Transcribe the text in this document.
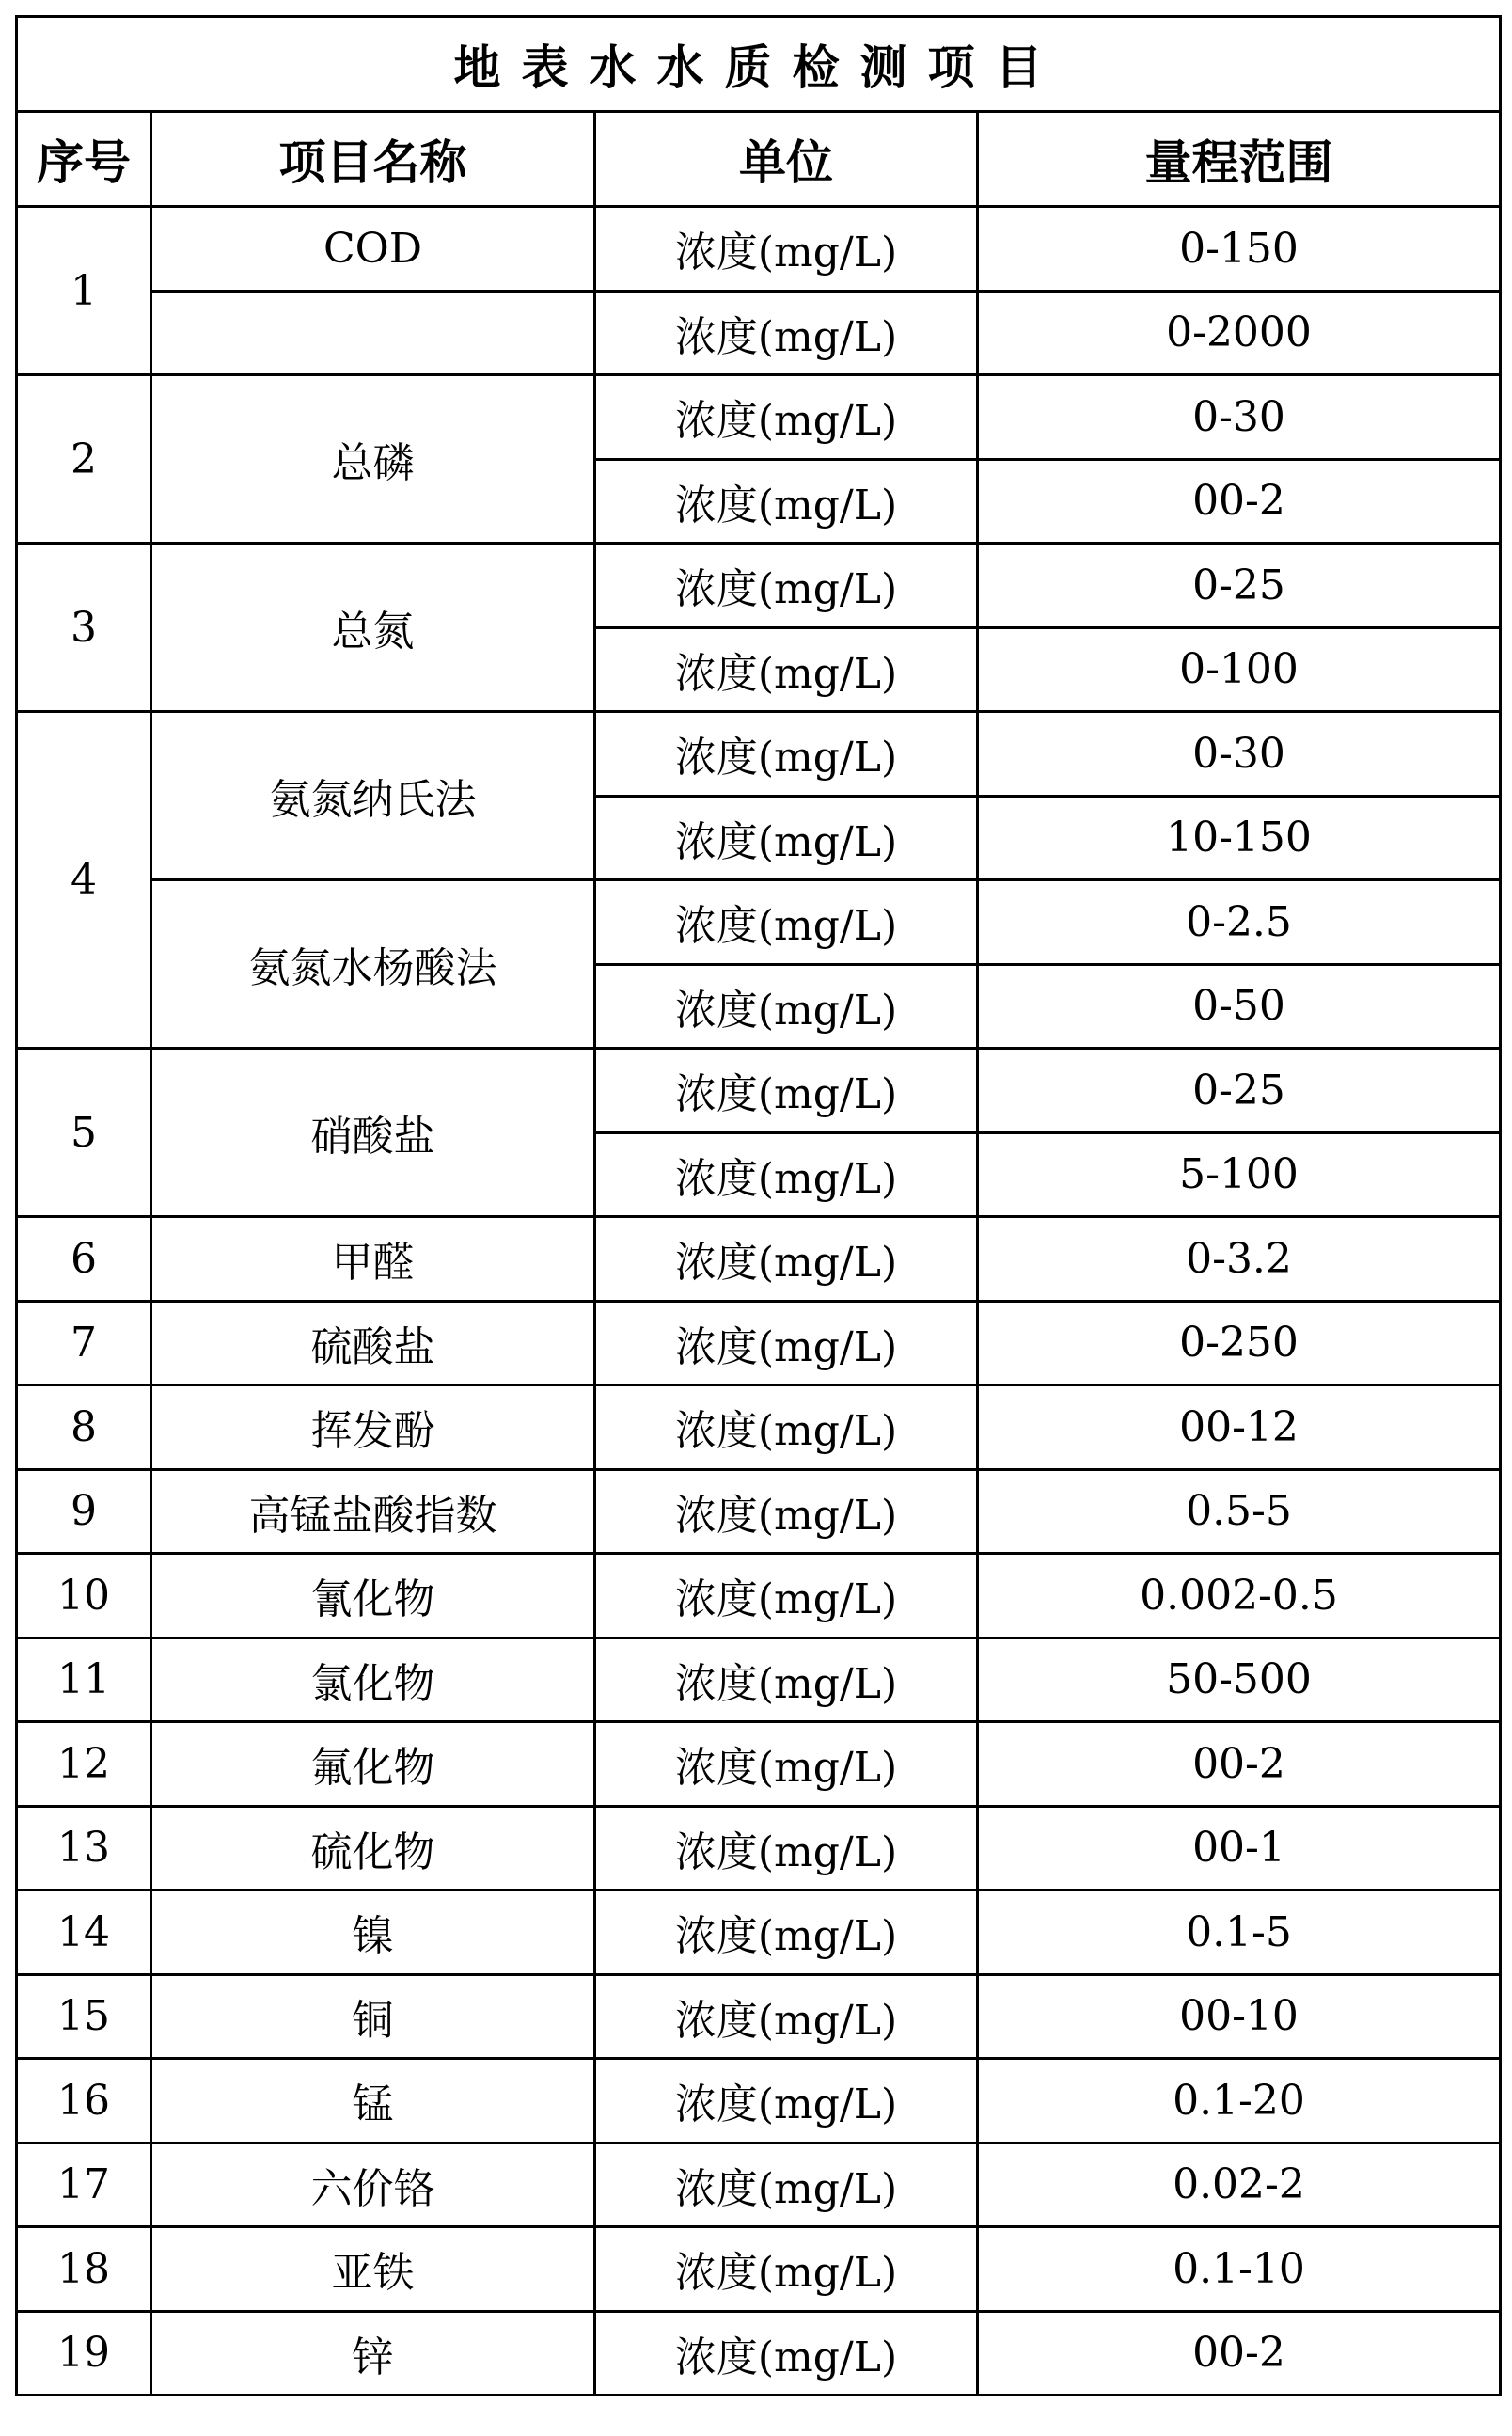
地表水水质检测项目			
序号	项目名称	单位	量程范围
1	COD	浓度(mg/L)	0-150
		浓度(mg/L)	0-2000
2	总磷	浓度(mg/L)	0-30
		浓度(mg/L)	00-2
3	总氮	浓度(mg/L)	0-25
		浓度(mg/L)	0-100
4	氨氮纳氏法	浓度(mg/L)	0-30
		浓度(mg/L)	10-150
	氨氮水杨酸法	浓度(mg/L)	0-2.5
		浓度(mg/L)	0-50
5	硝酸盐	浓度(mg/L)	0-25
		浓度(mg/L)	5-100
6	甲醛	浓度(mg/L)	0-3.2
7	硫酸盐	浓度(mg/L)	0-250
8	挥发酚	浓度(mg/L)	00-12
9	高锰盐酸指数	浓度(mg/L)	0.5-5
10	氰化物	浓度(mg/L)	0.002-0.5
11	氯化物	浓度(mg/L)	50-500
12	氟化物	浓度(mg/L)	00-2
13	硫化物	浓度(mg/L)	00-1
14	镍	浓度(mg/L)	0.1-5
15	铜	浓度(mg/L)	00-10
16	锰	浓度(mg/L)	0.1-20
17	六价铬	浓度(mg/L)	0.02-2
18	亚铁	浓度(mg/L)	0.1-10
19	锌	浓度(mg/L)	00-2
